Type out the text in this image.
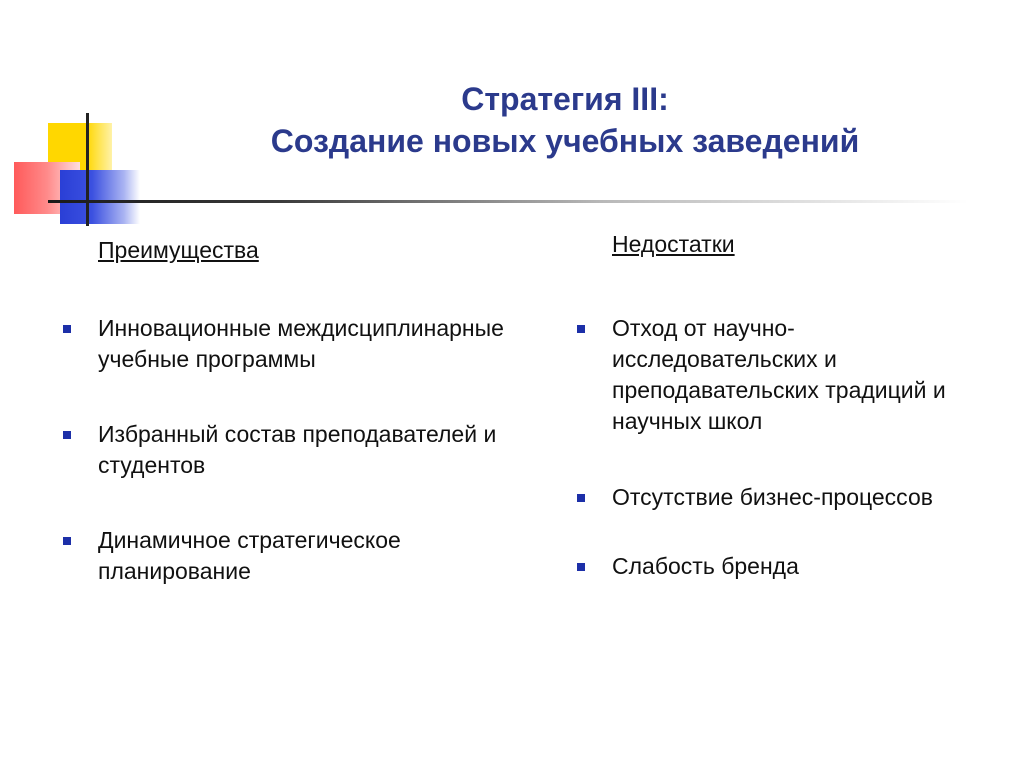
Стратегия III:
Создание новых учебных заведений
Преимущества
Инновационные междисциплинарные учебные программы
Избранный состав преподавателей и студентов
Динамичное стратегическое планирование
Недостатки
Отход от научно-исследовательских и преподавательских традиций и научных школ
Отсутствие бизнес-процессов
Слабость бренда
